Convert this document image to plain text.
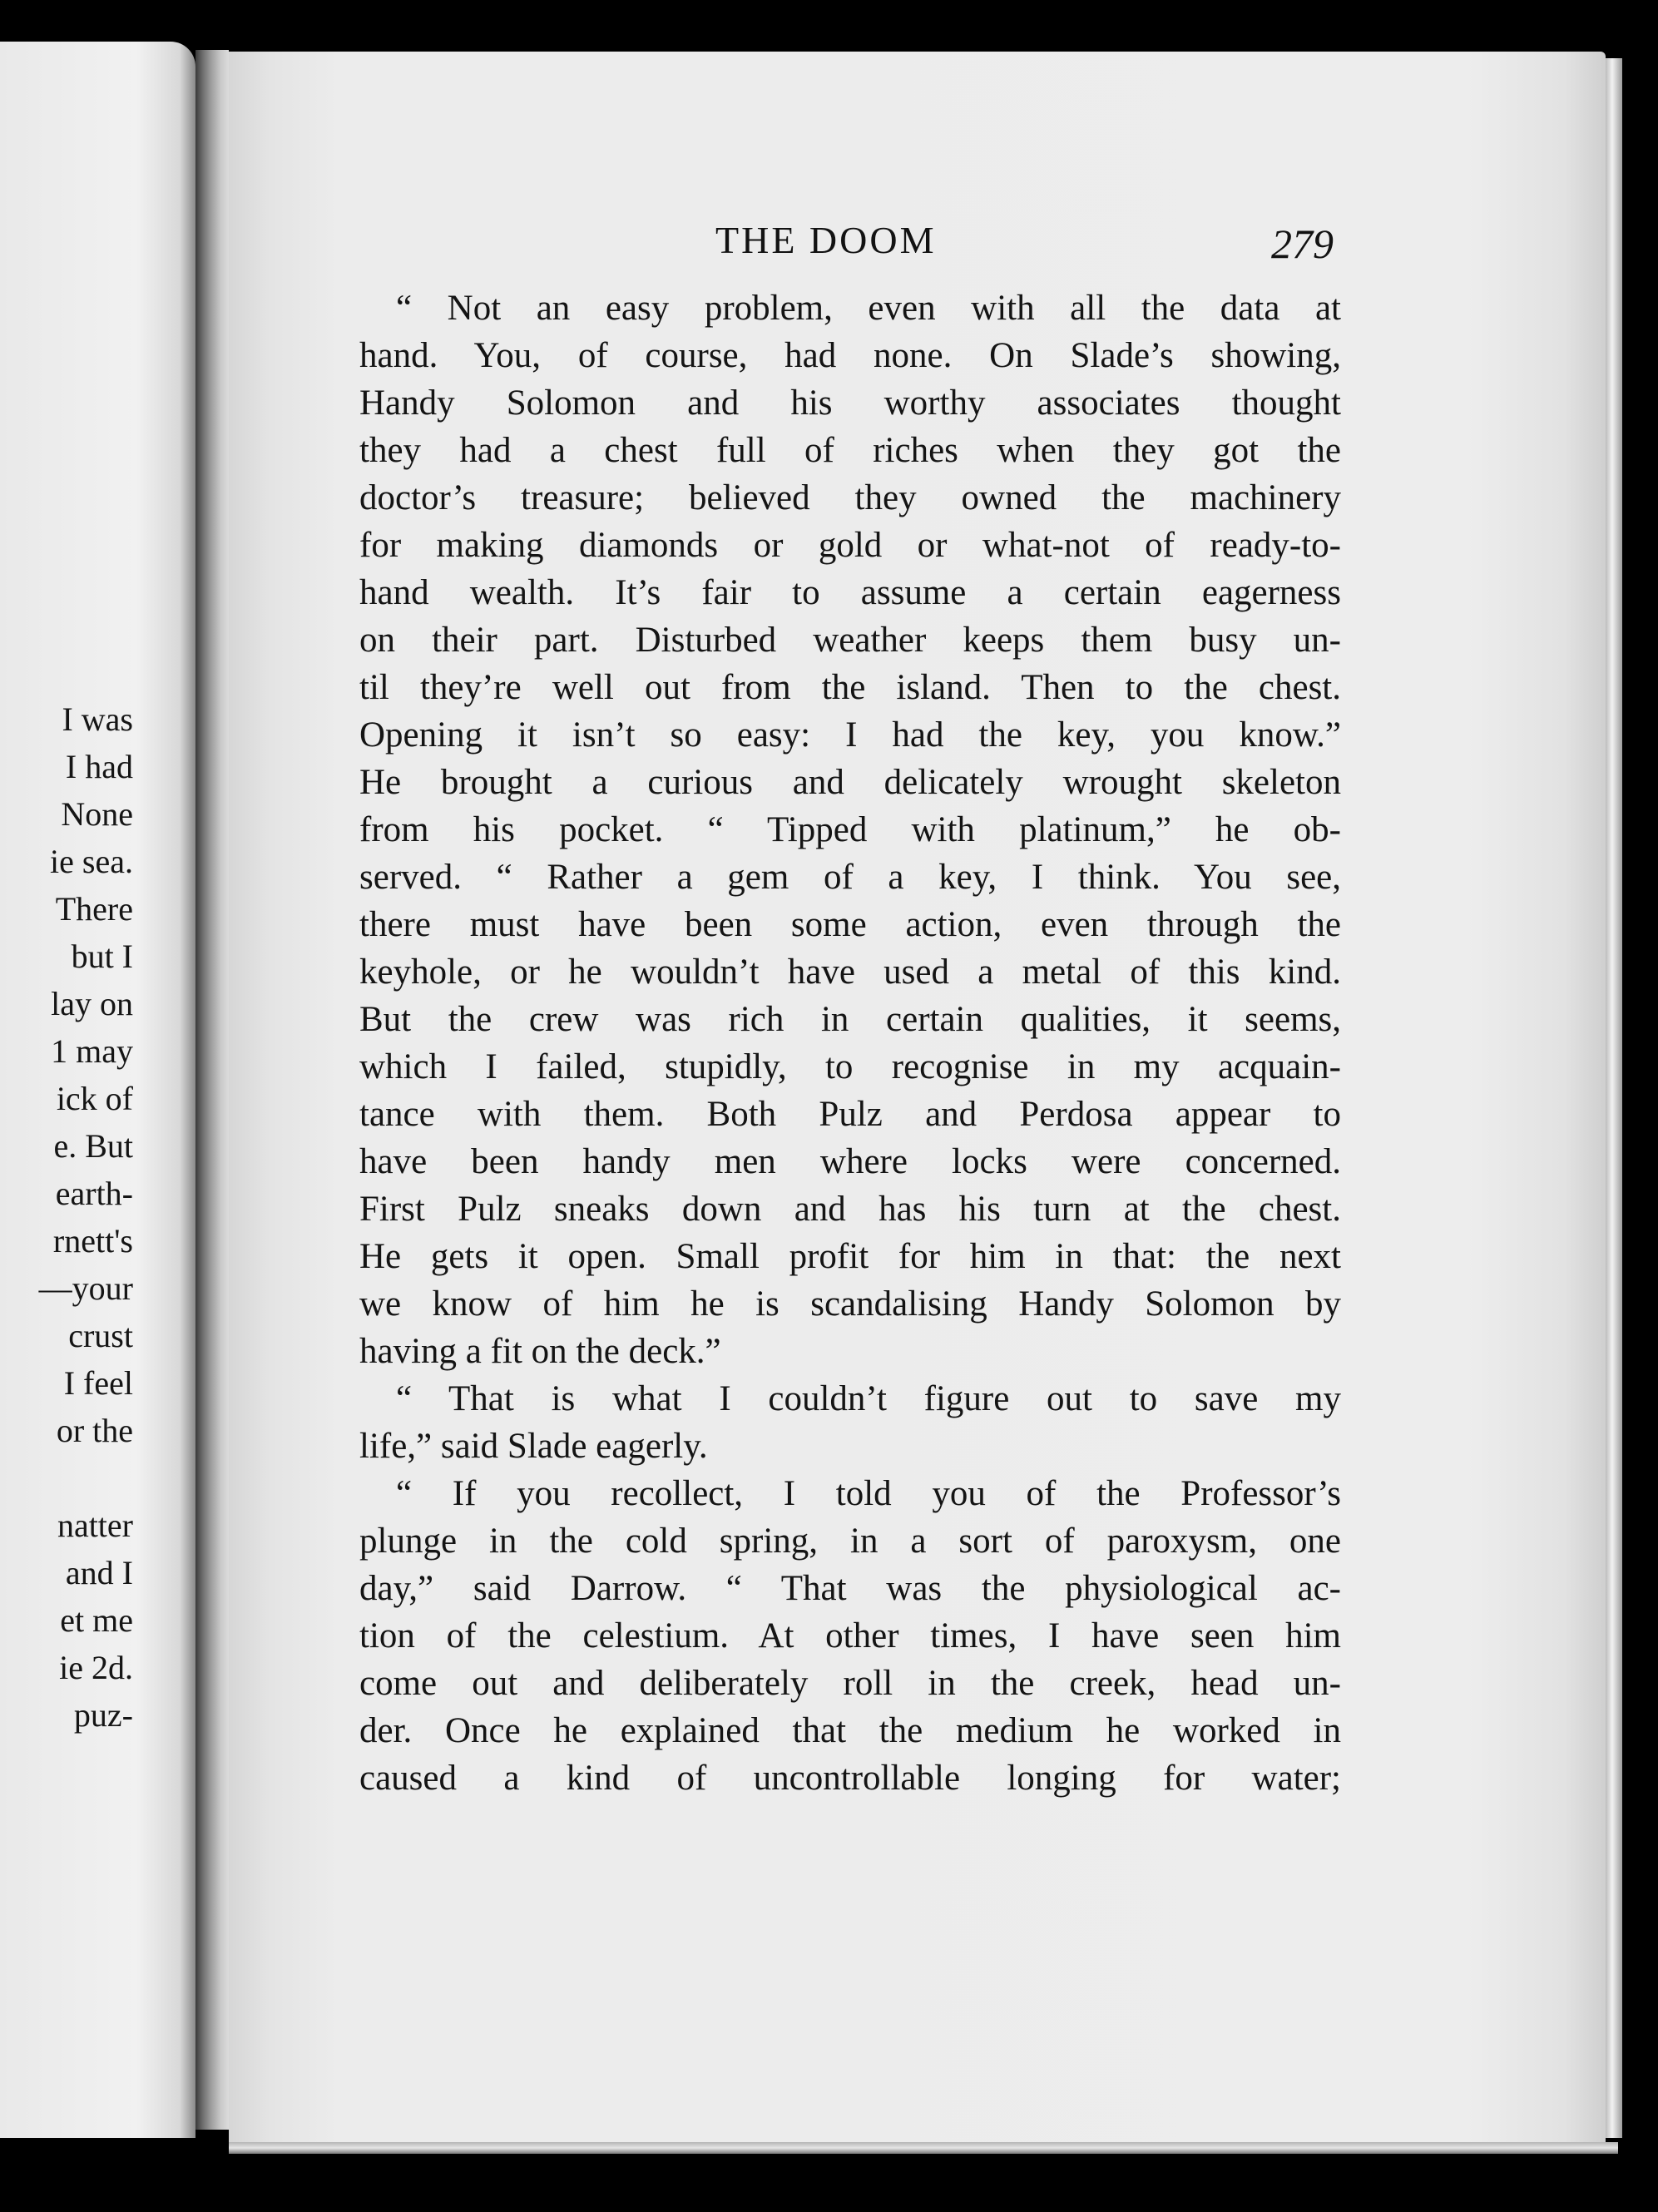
I was
I had
None
ie sea.
There
but I
lay on
1 may
ick of
e. But
earth-
rnett's
—your
crust
I feel
or the
natter
and I
et me
ie 2d.
puz-
THE DOOM	279
“ Not an easy problem, even with all the data at
hand. You, of course, had none. On Slade’s showing,
Handy Solomon and his worthy associates thought
they had a chest full of riches when they got the
doctor’s treasure; believed they owned the machinery
for making diamonds or gold or what-not of ready-to-
hand wealth. It’s fair to assume a certain eagerness
on their part. Disturbed weather keeps them busy un-
til they’re well out from the island. Then to the chest.
Opening it isn’t so easy: I had the key, you know.”
He brought a curious and delicately wrought skeleton
from his pocket. “ Tipped with platinum,” he ob-
served. “ Rather a gem of a key, I think. You see,
there must have been some action, even through the
keyhole, or he wouldn’t have used a metal of this kind.
But the crew was rich in certain qualities, it seems,
which I failed, stupidly, to recognise in my acquain-
tance with them. Both Pulz and Perdosa appear to
have been handy men where locks were concerned.
First Pulz sneaks down and has his turn at the chest.
He gets it open. Small profit for him in that: the next
we know of him he is scandalising Handy Solomon by
having a fit on the deck.”
“ That is what I couldn’t figure out to save my
life,” said Slade eagerly.
“ If you recollect, I told you of the Professor’s
plunge in the cold spring, in a sort of paroxysm, one
day,” said Darrow. “ That was the physiological ac-
tion of the celestium. At other times, I have seen him
come out and deliberately roll in the creek, head un-
der. Once he explained that the medium he worked in
caused a kind of uncontrollable longing for water;
